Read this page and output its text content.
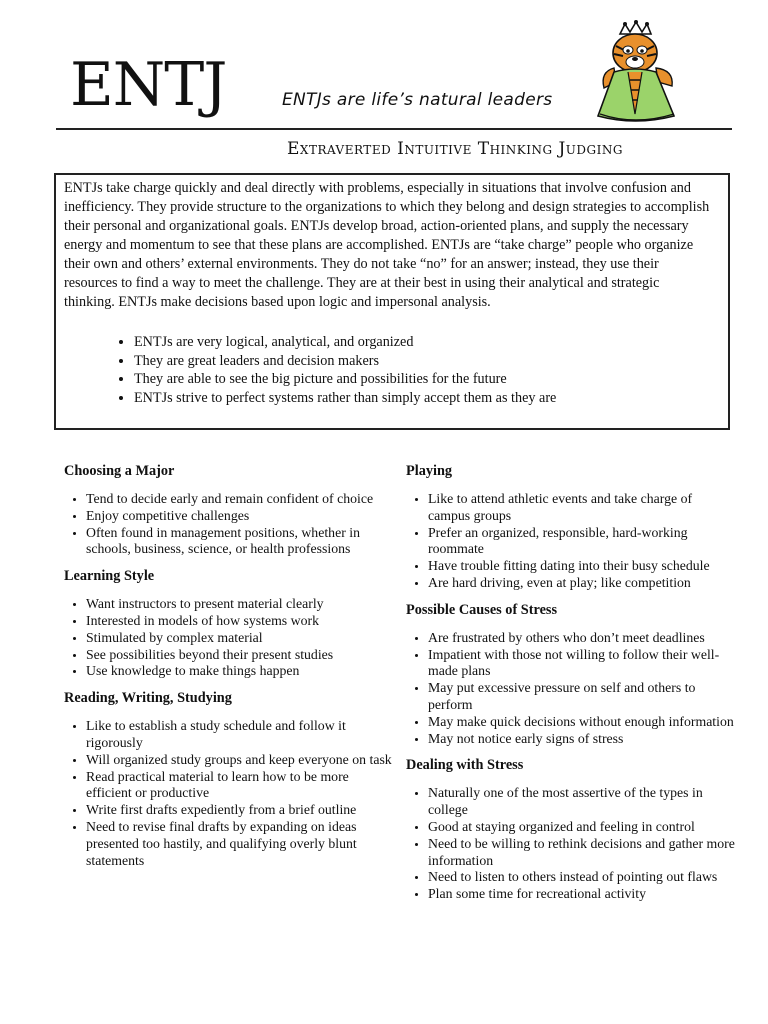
ENTJ	ENTJs are life’s natural leaders
Extraverted Intuitive Thinking Judging

ENTJs take charge quickly and deal directly with problems, especially in situations that involve confusion and inefficiency. They provide structure to the organizations to which they belong and design strategies to accomplish their personal and organizational goals. ENTJs develop broad, action-oriented plans, and supply the necessary energy and momentum to see that these plans are accomplished. ENTJs are “take charge” people who organize their own and others’ external environments. They do not take “no” for an answer; instead, they use their resources to find a way to meet the challenge. They are at their best in using their analytical and strategic thinking. ENTJs make decisions based upon logic and impersonal analysis.

• ENTJs are very logical, analytical, and organized
• They are great leaders and decision makers
• They are able to see the big picture and possibilities for the future
• ENTJs strive to perfect systems rather than simply accept them as they are
Choosing a Major
• Tend to decide early and remain confident of choice
• Enjoy competitive challenges
• Often found in management positions, whether in schools, business, science, or health professions
Learning Style
• Want instructors to present material clearly
• Interested in models of how systems work
• Stimulated by complex material
• See possibilities beyond their present studies
• Use knowledge to make things happen
Reading, Writing, Studying
• Like to establish a study schedule and follow it rigorously
• Will organized study groups and keep everyone on task
• Read practical material to learn how to be more efficient or productive
• Write first drafts expediently from a brief outline
• Need to revise final drafts by expanding on ideas presented too hastily, and qualifying overly blunt statements
Playing
• Like to attend athletic events and take charge of campus groups
• Prefer an organized, responsible, hard-working roommate
• Have trouble fitting dating into their busy schedule
• Are hard driving, even at play; like competition
Possible Causes of Stress
• Are frustrated by others who don’t meet deadlines
• Impatient with those not willing to follow their well-made plans
• May put excessive pressure on self and others to perform
• May make quick decisions without enough information
• May not notice early signs of stress
Dealing with Stress
• Naturally one of the most assertive of the types in college
• Good at staying organized and feeling in control
• Need to be willing to rethink decisions and gather more information
• Need to listen to others instead of pointing out flaws
• Plan some time for recreational activity
